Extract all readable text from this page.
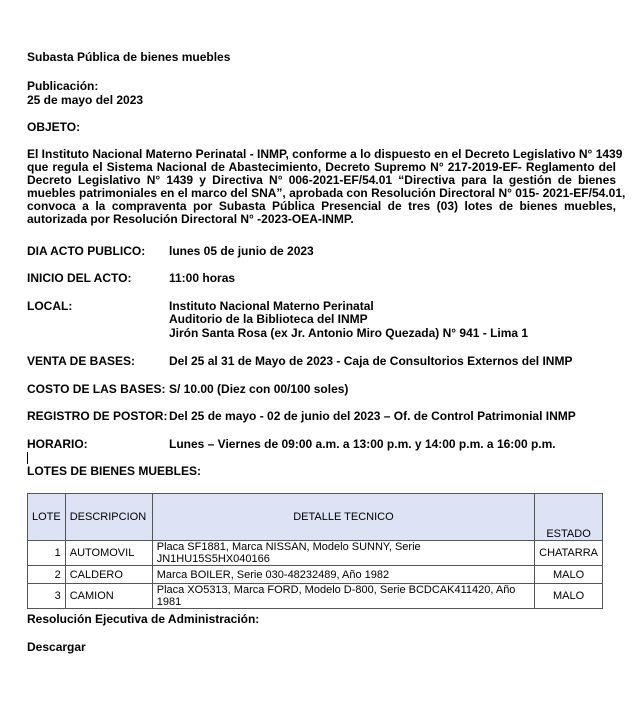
Subasta Pública de bienes muebles
Publicación:
25 de mayo del 2023
OBJETO:
El Instituto Nacional Materno Perinatal - INMP, conforme a lo dispuesto en el Decreto Legislativo N° 1439
que regula el Sistema Nacional de Abastecimiento, Decreto Supremo N° 217-2019-EF- Reglamento del
Decreto Legislativo N° 1439 y Directiva N° 006-2021-EF/54.01 “Directiva para la gestión de bienes
muebles patrimoniales en el marco del SNA”, aprobada con Resolución Directoral N° 015- 2021-EF/54.01,
convoca a la compraventa por Subasta Pública Presencial de tres (03) lotes de bienes muebles,
autorizada por Resolución Directoral N° -2023-OEA-INMP.
DIA ACTO PUBLICO: lunes 05 de junio de 2023
INICIO DEL ACTO:	11:00 horas
LOCAL:	Instituto Nacional Materno Perinatal
Auditorio de la Biblioteca del INMP
Jirón Santa Rosa (ex Jr. Antonio Miro Quezada) N° 941 - Lima 1
VENTA DE BASES:	Del 25 al 31 de Mayo de 2023 - Caja de Consultorios Externos del INMP
COSTO DE LAS BASES: S/ 10.00 (Diez con 00/100 soles)
REGISTRO DE POSTOR: Del 25 de mayo - 02 de junio del 2023 – Of. de Control Patrimonial INMP
HORARIO:	Lunes – Viernes de 09:00 a.m. a 13:00 p.m. y 14:00 p.m. a 16:00 p.m.
LOTES DE BIENES MUEBLES:
LOTE	DESCRIPCION	DETALLE TECNICO	ESTADO
1	AUTOMOVIL	Placa SF1881, Marca NISSAN, Modelo SUNNY, Serie JN1HU15S5HX040166	CHATARRA
2	CALDERO	Marca BOILER, Serie 030-48232489, Año 1982	MALO
3	CAMION	Placa XO5313, Marca FORD, Modelo D-800, Serie BCDCAK411420, Año 1981	MALO
Resolución Ejecutiva de Administración:
Descargar
